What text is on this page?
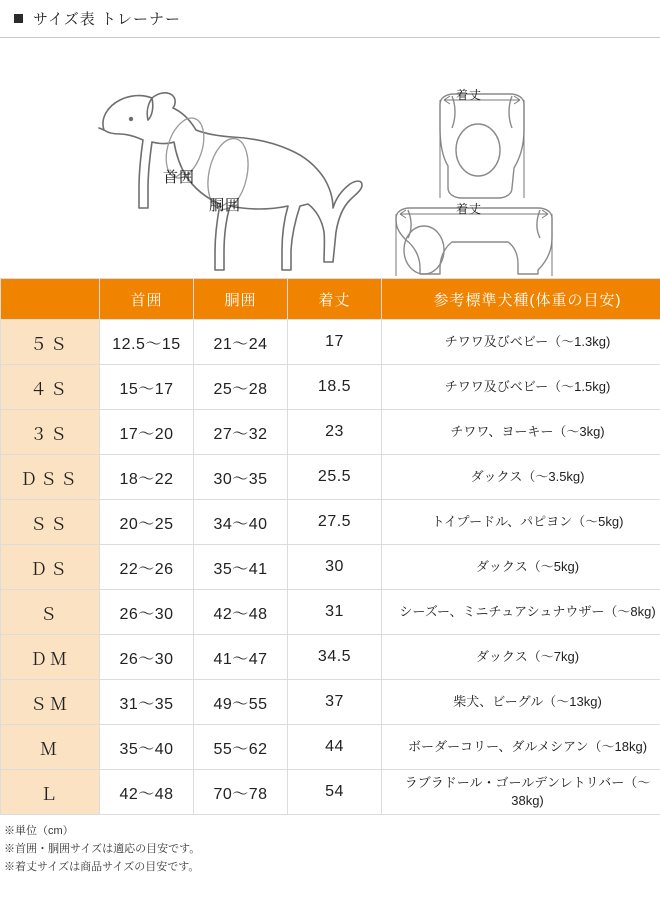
サイズ表 トレーナー
首囲
胴囲
着丈
着丈
	首囲	胴囲	着丈	参考標準犬種(体重の目安)
５Ｓ	12.5〜15	21〜24	17	チワワ及びベビー（〜1.3kg)
４Ｓ	15〜17	25〜28	18.5	チワワ及びベビー（〜1.5kg)
３Ｓ	17〜20	27〜32	23	チワワ、ヨーキー（〜3kg)
ＤＳＳ	18〜22	30〜35	25.5	ダックス（〜3.5kg)
ＳＳ	20〜25	34〜40	27.5	トイプードル、パピヨン（〜5kg)
ＤＳ	22〜26	35〜41	30	ダックス（〜5kg)
Ｓ	26〜30	42〜48	31	シーズー、ミニチュアシュナウザー（〜8kg)
ＤＭ	26〜30	41〜47	34.5	ダックス（〜7kg)
ＳＭ	31〜35	49〜55	37	柴犬、ビーグル（〜13kg)
Ｍ	35〜40	55〜62	44	ボーダーコリー、ダルメシアン（〜18kg)
Ｌ	42〜48	70〜78	54	ラブラドール・ゴールデンレトリバー（〜38kg)
※単位（cm）
※首囲・胴囲サイズは適応の目安です。
※着丈サイズは商品サイズの目安です。
